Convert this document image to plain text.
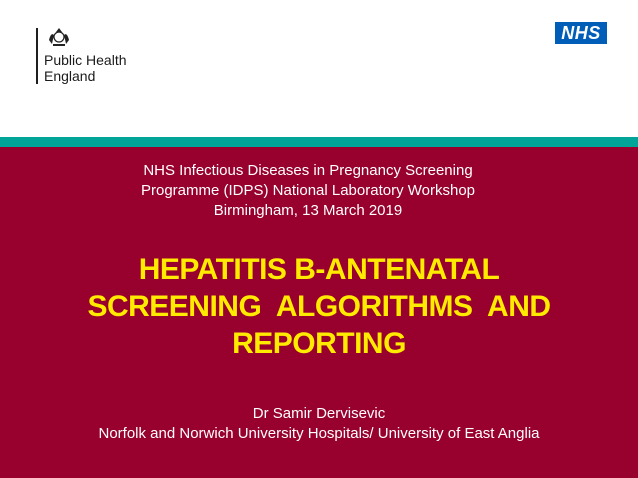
Public Health
England
NHS
NHS Infectious Diseases in Pregnancy Screening
Programme (IDPS) National Laboratory Workshop
Birmingham, 13 March 2019
HEPATITIS B-ANTENATAL
SCREENING  ALGORITHMS  AND
REPORTING
Dr Samir Dervisevic
Norfolk and Norwich University Hospitals/ University of East Anglia
